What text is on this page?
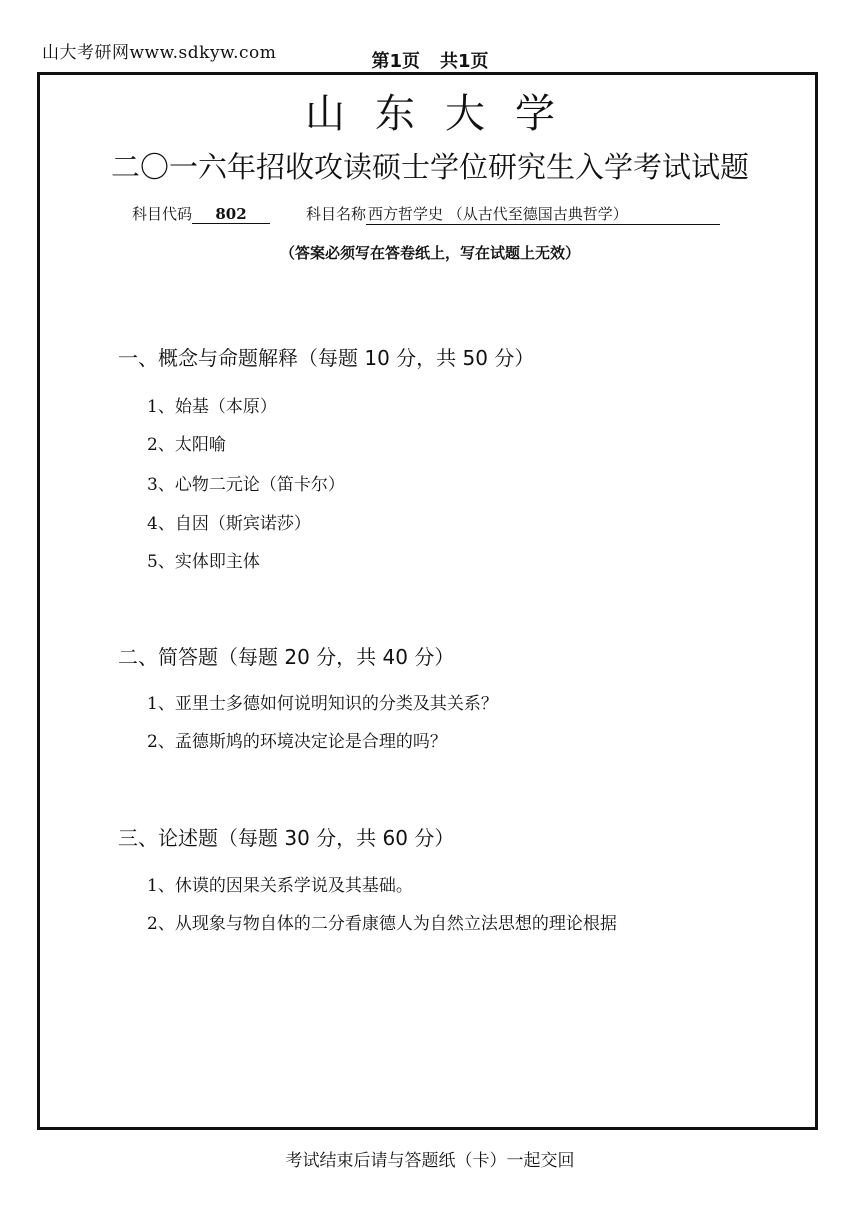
山大考研网www.sdkyw.com	第1页 共1页
山东大学
二〇一六年招收攻读硕士学位研究生入学考试试题
科目代码 802	科目名称 西方哲学史 （从古代至德国古典哲学）
（答案必须写在答卷纸上，写在试题上无效）
一、概念与命题解释（每题 10 分，共 50 分）
1、始基（本原）
2、太阳喻
3、心物二元论（笛卡尔）
4、自因（斯宾诺莎）
5、实体即主体
二、简答题（每题 20 分，共 40 分）
1、亚里士多德如何说明知识的分类及其关系？
2、孟德斯鸠的环境决定论是合理的吗？
三、论述题（每题 30 分，共 60 分）
1、休谟的因果关系学说及其基础。
2、从现象与物自体的二分看康德人为自然立法思想的理论根据
考试结束后请与答题纸（卡）一起交回
